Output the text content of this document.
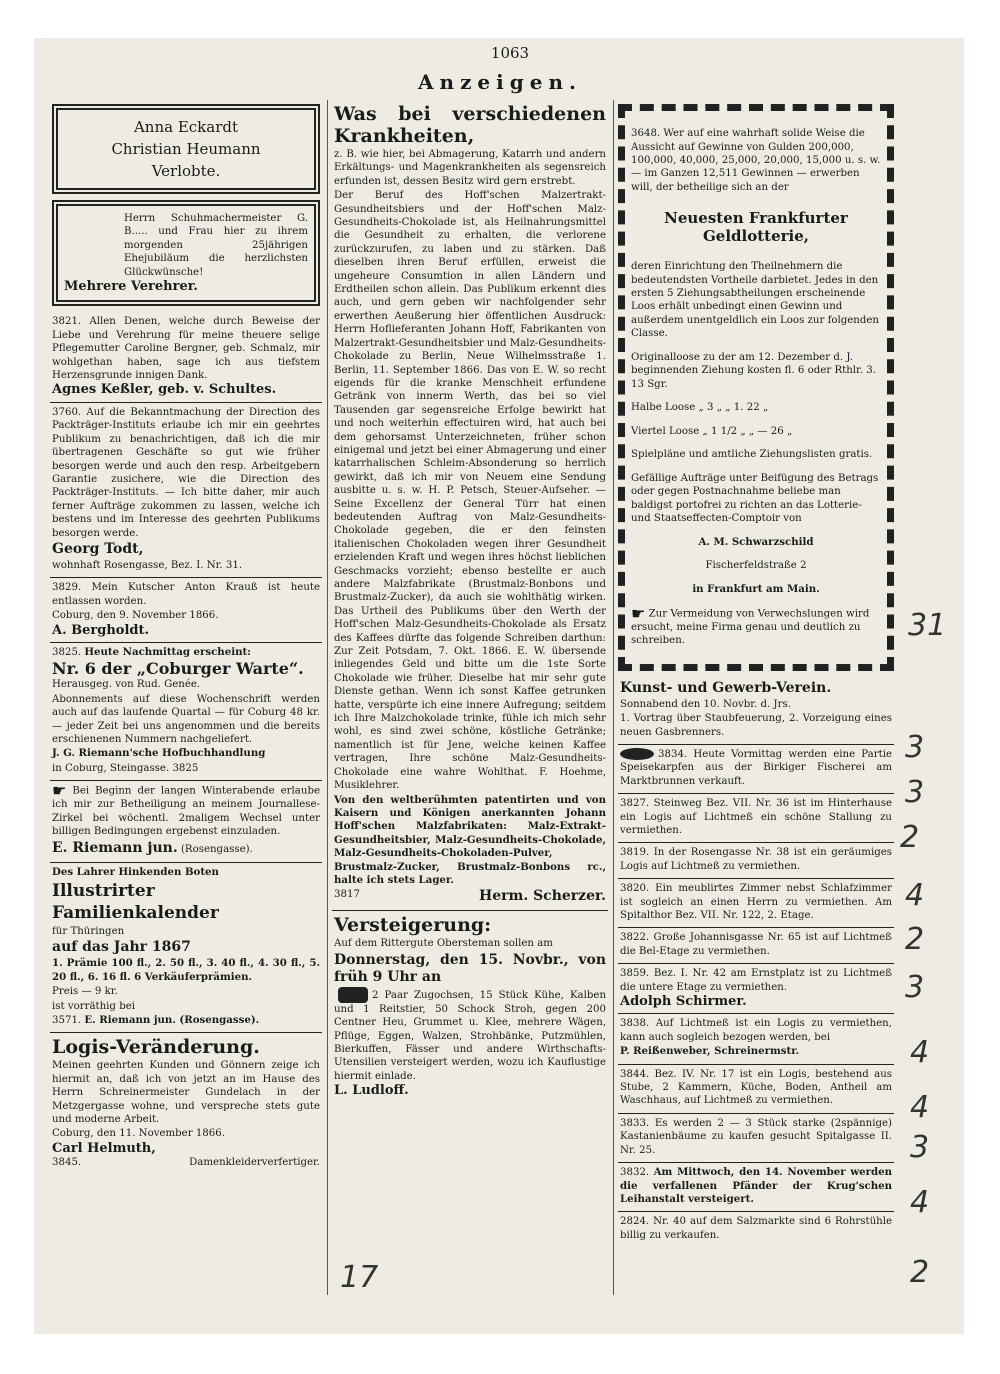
1063
Anzeigen.
Anna Eckardt
Christian Heumann
Verlobte.

Herrn Schuhmachermeister G. B..... und Frau hier zu ihrem morgenden 25jährigen Ehejubiläum die herzlichsten Glückwünsche!

Mehrere Verehrer.

3821. Allen Denen, welche durch Beweise der Liebe und Verehrung für meine theuere selige Pflegemutter Caroline Bergner, geb. Schmalz, mir wohlgethan haben, sage ich aus tiefstem Herzensgrunde innigen Dank.

Agnes Keßler, geb. v. Schultes.

3760. Auf die Bekanntmachung der Direction des Packträger-Instituts erlaube ich mir ein geehrtes Publikum zu benachrichtigen, daß ich die mir übertragenen Geschäfte so gut wie früher besorgen werde und auch den resp. Arbeitgebern Garantie zusichere, wie die Direction des Packträger-Instituts. — Ich bitte daher, mir auch ferner Aufträge zukommen zu lassen, welche ich bestens und im Interesse des geehrten Publikums besorgen werde.

Georg Todt,

wohnhaft Rosengasse, Bez. I. Nr. 31.

3829. Mein Kutscher Anton Krauß ist heute entlassen worden.

Coburg, den 9. November 1866.

A. Bergholdt.

3825. Heute Nachmittag erscheint:

Nr. 6 der „Coburger Warte“.

Herausgeg. von Rud. Genée.

Abonnements auf diese Wochenschrift werden auch auf das laufende Quartal — für Coburg 48 kr. — jeder Zeit bei uns angenommen und die bereits erschienenen Nummern nachgeliefert.

J. G. Riemann'sche Hofbuchhandlung

in Coburg, Steingasse. 3825

☛ Bei Beginn der langen Winterabende erlaube ich mir zur Betheiligung an meinem Journallese-Zirkel bei wöchentl. 2maligem Wechsel unter billigen Bedingungen ergebenst einzuladen.

E. Riemann jun. (Rosengasse).

Des Lahrer Hinkenden Boten

Illustrirter Familienkalender

für Thüringen

auf das Jahr 1867

1. Prämie 100 fl., 2. 50 fl., 3. 40 fl., 4. 30 fl., 5. 20 fl., 6. 16 fl. 6 Verkäuferprämien.

Preis — 9 kr.

ist vorräthig bei

3571. E. Riemann jun. (Rosengasse).

Logis-Veränderung.

Meinen geehrten Kunden und Gönnern zeige ich hiermit an, daß ich von jetzt an im Hause des Herrn Schreinermeister Gundelach in der Metzgergasse wohne, und verspreche stets gute und moderne Arbeit.

Coburg, den 11. November 1866.

Carl Helmuth,

3845.	Damenkleiderverfertiger.

Was bei verschiedenen Krankheiten,

z. B. wie hier, bei Abmagerung, Katarrh und andern Erkältungs- und Magenkrankheiten als segensreich erfunden ist, dessen Besitz wird gern erstrebt.

Der Beruf des Hoff'schen Malzertrakt-Gesundheitsbiers und der Hoff'schen Malz-Gesundheits-Chokolade ist, als Heilnahrungsmittel die Gesundheit zu erhalten, die verlorene zurückzurufen, zu laben und zu stärken. Daß dieselben ihren Beruf erfüllen, erweist die ungeheure Consumtion in allen Ländern und Erdtheilen schon allein. Das Publikum erkennt dies auch, und gern geben wir nachfolgender sehr erwerthen Aeußerung hier öffentlichen Ausdruck: Herrn Hoflieferanten Johann Hoff, Fabrikanten von Malzertrakt-Gesundheitsbier und Malz-Gesundheits-Chokolade zu Berlin, Neue Wilhelmsstraße 1. Berlin, 11. September 1866. Das von E. W. so recht eigends für die kranke Menschheit erfundene Getränk von innerm Werth, das bei so viel Tausenden gar segensreiche Erfolge bewirkt hat und noch weiterhin effectuiren wird, hat auch bei dem gehorsamst Unterzeichneten, früher schon einigemal und jetzt bei einer Abmagerung und einer katarrhalischen Schleim-Absonderung so herrlich gewirkt, daß ich mir von Neuem eine Sendung ausbitte u. s. w. H. P. Petsch, Steuer-Aufseher. — Seine Excellenz der General Türr hat einen bedeutenden Auftrag von Malz-Gesundheits-Chokolade gegeben, die er den feinsten italienischen Chokoladen wegen ihrer Gesundheit erzielenden Kraft und wegen ihres höchst lieblichen Geschmacks vorzieht; ebenso bestellte er auch andere Malzfabrikate (Brustmalz-Bonbons und Brustmalz-Zucker), da auch sie wohlthätig wirken. Das Urtheil des Publikums über den Werth der Hoff'schen Malz-Gesundheits-Chokolade als Ersatz des Kaffees dürfte das folgende Schreiben darthun: Zur Zeit Potsdam, 7. Okt. 1866. E. W. übersende inliegendes Geld und bitte um die 1ste Sorte Chokolade wie früher. Dieselbe hat mir sehr gute Dienste gethan. Wenn ich sonst Kaffee getrunken hatte, verspürte ich eine innere Aufregung; seitdem ich Ihre Malzchokolade trinke, fühle ich mich sehr wohl, es sind zwei schöne, köstliche Getränke; namentlich ist für Jene, welche keinen Kaffee vertragen, Ihre schöne Malz-Gesundheits-Chokolade eine wahre Wohlthat. F. Hoehme, Musiklehrer.

Von den weltberühmten patentirten und von Kaisern und Königen anerkannten Johann Hoff'schen Malzfabrikaten: Malz-Extrakt-Gesundheitsbier, Malz-Gesundheits-Chokolade, Malz-Gesundheits-Chokoladen-Pulver, Brustmalz-Zucker, Brustmalz-Bonbons rc., halte ich stets Lager.

3817	Herm. Scherzer.

Versteigerung:

Auf dem Rittergute Obersteman sollen am

Donnerstag, den 15. Novbr., von früh 9 Uhr an

2 Paar Zugochsen, 15 Stück Kühe, Kalben und 1 Reitstier, 50 Schock Stroh, gegen 200 Centner Heu, Grummet u. Klee, mehrere Wägen, Pflüge, Eggen, Walzen, Strohbänke, Putzmühlen, Bierkuffen, Fässer und andere Wirthschafts-Utensilien versteigert werden, wozu ich Kauflustige hiermit einlade.

L. Ludloff.

3648. Wer auf eine wahrhaft solide Weise die Aussicht auf Gewinne von Gulden 200,000, 100,000, 40,000, 25,000, 20,000, 15,000 u. s. w. — im Ganzen 12,511 Gewinnen — erwerben will, der betheilige sich an der

Neuesten Frankfurter Geldlotterie,

deren Einrichtung den Theilnehmern die bedeutendsten Vortheile darbietet. Jedes in den ersten 5 Ziehungsabtheilungen erscheinende Loos erhält unbedingt einen Gewinn und außerdem unentgeldlich ein Loos zur folgenden Classe.

Originalloose zu der am 12. Dezember d. J. beginnenden Ziehung kosten fl. 6 oder Rthlr. 3. 13 Sgr.

Halbe Loose „ 3 „ „ 1. 22 „

Viertel Loose „ 1 1/2 „ „ — 26 „

Spielpläne und amtliche Ziehungslisten gratis.

Gefällige Aufträge unter Beifügung des Betrags oder gegen Postnachnahme beliebe man baldigst portofrei zu richten an das Lotterie- und Staatseffecten-Comptoir von

A. M. Schwarzschild

Fischerfeldstraße 2

in Frankfurt am Main.

☛ Zur Vermeidung von Verwechslungen wird ersucht, meine Firma genau und deutlich zu schreiben.

Kunst- und Gewerb-Verein.

Sonnabend den 10. Novbr. d. Jrs.

1. Vortrag über Staubfeuerung, 2. Vorzeigung eines neuen Gasbrenners.

3834. Heute Vormittag werden eine Partie Speisekarpfen aus der Birkiger Fischerei am Marktbrunnen verkauft.

3827. Steinweg Bez. VII. Nr. 36 ist im Hinterhause ein Logis auf Lichtmeß ein schöne Stallung zu vermiethen.

3819. In der Rosengasse Nr. 38 ist ein geräumiges Logis auf Lichtmeß zu vermiethen.

3820. Ein meublirtes Zimmer nebst Schlafzimmer ist sogleich an einen Herrn zu vermiethen. Am Spitalthor Bez. VII. Nr. 122, 2. Etage.

3822. Große Johannisgasse Nr. 65 ist auf Lichtmeß die Bel-Etage zu vermiethen.

3859. Bez. I. Nr. 42 am Ernstplatz ist zu Lichtmeß die untere Etage zu vermiethen.

Adolph Schirmer.

3838. Auf Lichtmeß ist ein Logis zu vermiethen, kann auch sogleich bezogen werden, bei

P. Reißenweber, Schreinermstr.

3844. Bez. IV. Nr. 17 ist ein Logis, bestehend aus Stube, 2 Kammern, Küche, Boden, Antheil am Waschhaus, auf Lichtmeß zu vermiethen.

3833. Es werden 2 — 3 Stück starke (2spännige) Kastanienbäume zu kaufen gesucht Spitalgasse II. Nr. 25.

3832. Am Mittwoch, den 14. November werden die verfallenen Pfänder der Krug'schen Leihanstalt versteigert.

2824. Nr. 40 auf dem Salzmarkte sind 6 Rohrstühle billig zu verkaufen.

31
3
3
2
4
2
3
4
4
3
4
2
17
